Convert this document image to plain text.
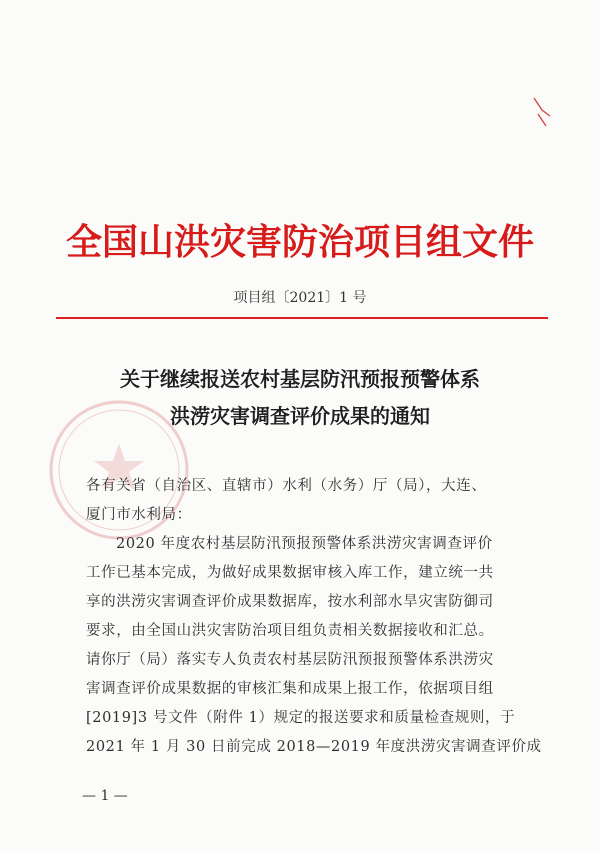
全国山洪灾害防治项目组文件
项目组〔2021〕1 号
关于继续报送农村基层防汛预报预警体系
洪涝灾害调查评价成果的通知
各有关省（自治区、直辖市）水利（水务）厅（局），大连、
厦门市水利局：
2020 年度农村基层防汛预报预警体系洪涝灾害调查评价
工作已基本完成，为做好成果数据审核入库工作，建立统一共
享的洪涝灾害调查评价成果数据库，按水利部水旱灾害防御司
要求，由全国山洪灾害防治项目组负责相关数据接收和汇总。
请你厅（局）落实专人负责农村基层防汛预报预警体系洪涝灾
害调查评价成果数据的审核汇集和成果上报工作，依据项目组
[2019]3 号文件（附件 1）规定的报送要求和质量检查规则，于
2021 年 1 月 30 日前完成 2018—2019 年度洪涝灾害调查评价成
— 1 —
